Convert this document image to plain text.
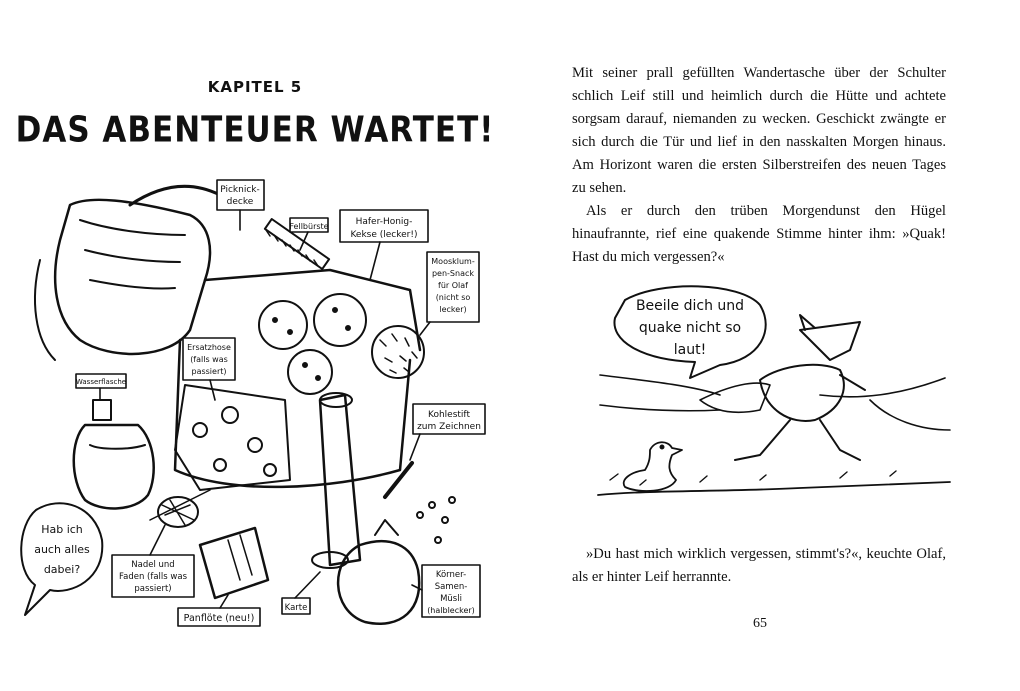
KAPITEL 5
DAS ABENTEUER WARTET!
Picknick-
decke
Fellbürste	Hafer-Honig-
Kekse (lecker!)
Moosklum-
pen-Snack
für Olaf
(nicht so
lecker)
Ersatzhose
(falls was
passiert)
Wasserflasche
Kohlestift
zum Zeichnen
Nadel und
Faden (falls was
passiert)
Panflöte (neu!)
Karte
Körner-
Samen-
Müsli
(halblecker)
Hab ich
auch alles
dabei?

Mit seiner prall gefüllten Wandertasche über der Schulter schlich Leif still und heimlich durch die Hütte und achtete sorgsam darauf, niemanden zu wecken. Geschickt zwängte er sich durch die Tür und lief in den nasskalten Morgen hinaus. Am Horizont waren die ersten Silberstreifen des neuen Tages zu sehen.

Als er durch den trüben Morgendunst den Hügel hinaufrannte, rief eine quakende Stimme hinter ihm: »Quak! Hast du mich vergessen?«

Beeile dich und
quake nicht so
laut!

»Du hast mich wirklich vergessen, stimmt's?«, keuchte Olaf, als er hinter Leif herrannte.

65
